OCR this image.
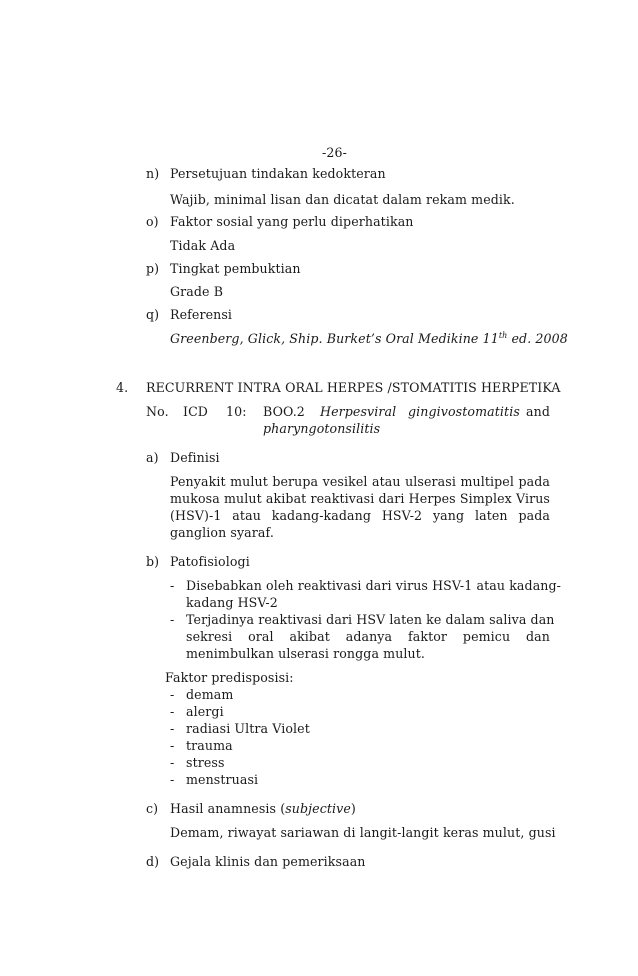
-26-
n) Persetujuan tindakan kedokteran
Wajib, minimal lisan dan dicatat dalam rekam medik.
o) Faktor sosial yang perlu diperhatikan
Tidak Ada
p) Tingkat pembuktian
Grade B
q) Referensi
Greenberg, Glick, Ship. Burket’s Oral Medikine 11th ed. 2008
4. RECURRENT INTRA ORAL HERPES /STOMATITIS HERPETIKA
No. ICD 10: BOO.2 Herpesviral gingivostomatitis and
pharyngotonsilitis
a) Definisi
Penyakit mulut berupa vesikel atau ulserasi multipel pada
mukosa mulut akibat reaktivasi dari Herpes Simplex Virus
(HSV)-1 atau kadang-kadang HSV-2 yang laten pada
ganglion syaraf.
b) Patofisiologi
- Disebabkan oleh reaktivasi dari virus HSV-1 atau kadang-
kadang HSV-2
- Terjadinya reaktivasi dari HSV laten ke dalam saliva dan
sekresi oral akibat adanya faktor pemicu dan
menimbulkan ulserasi rongga mulut.
Faktor predisposisi:
- demam
- alergi
- radiasi Ultra Violet
- trauma
- stress
- menstruasi
c) Hasil anamnesis (subjective)
Demam, riwayat sariawan di langit-langit keras mulut, gusi
d) Gejala klinis dan pemeriksaan
